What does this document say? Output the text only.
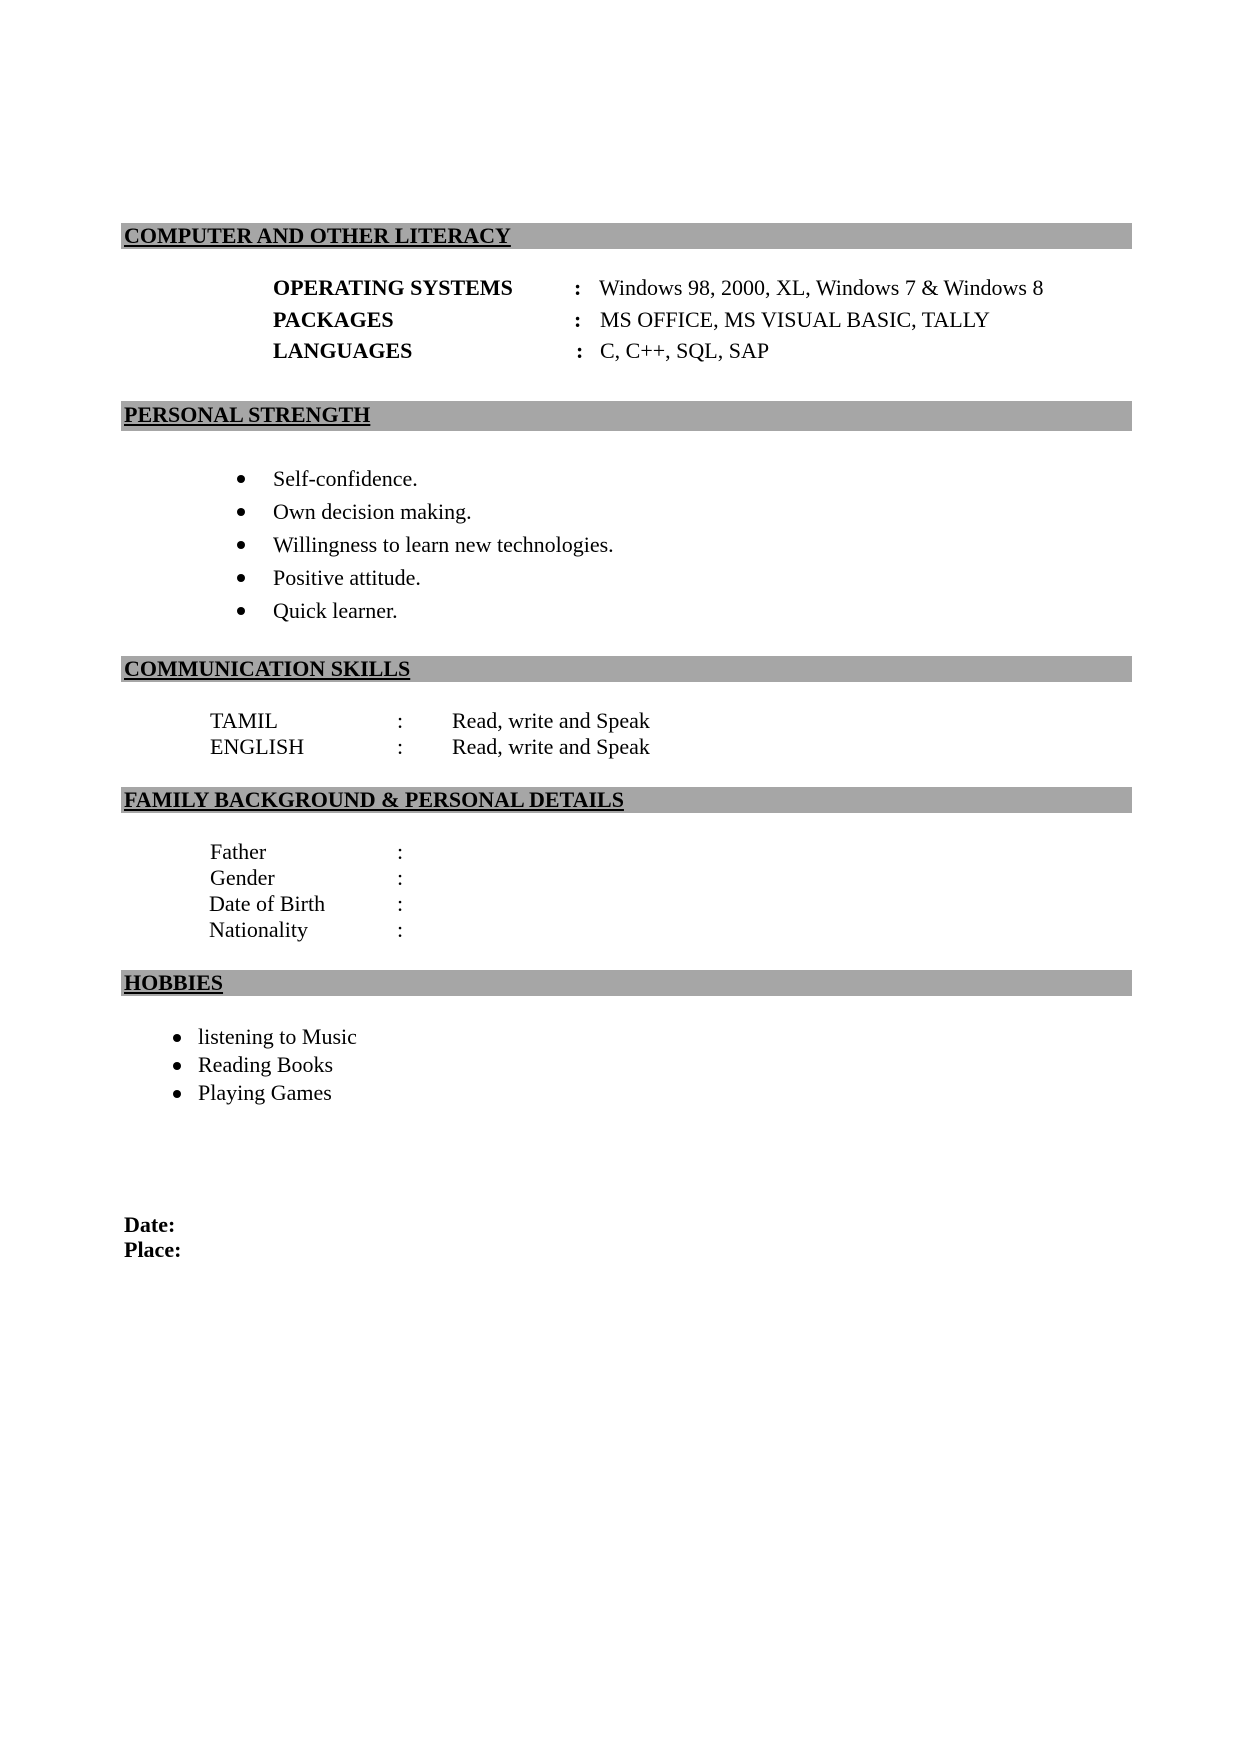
COMPUTER AND OTHER LITERACY
OPERATING SYSTEMS	: Windows 98, 2000, XL, Windows 7 & Windows 8
PACKAGES	: MS OFFICE, MS VISUAL BASIC, TALLY
LANGUAGES	: C, C++, SQL, SAP
PERSONAL STRENGTH
Self-confidence.
Own decision making.
Willingness to learn new technologies.
Positive attitude.
Quick learner.
COMMUNICATION SKILLS
TAMIL	: Read, write and Speak
ENGLISH	: Read, write and Speak
FAMILY BACKGROUND & PERSONAL DETAILS
Father	:
Gender	:
Date of Birth	:
Nationality	:
HOBBIES
listening to Music
Reading Books
Playing Games
Date:
Place:
